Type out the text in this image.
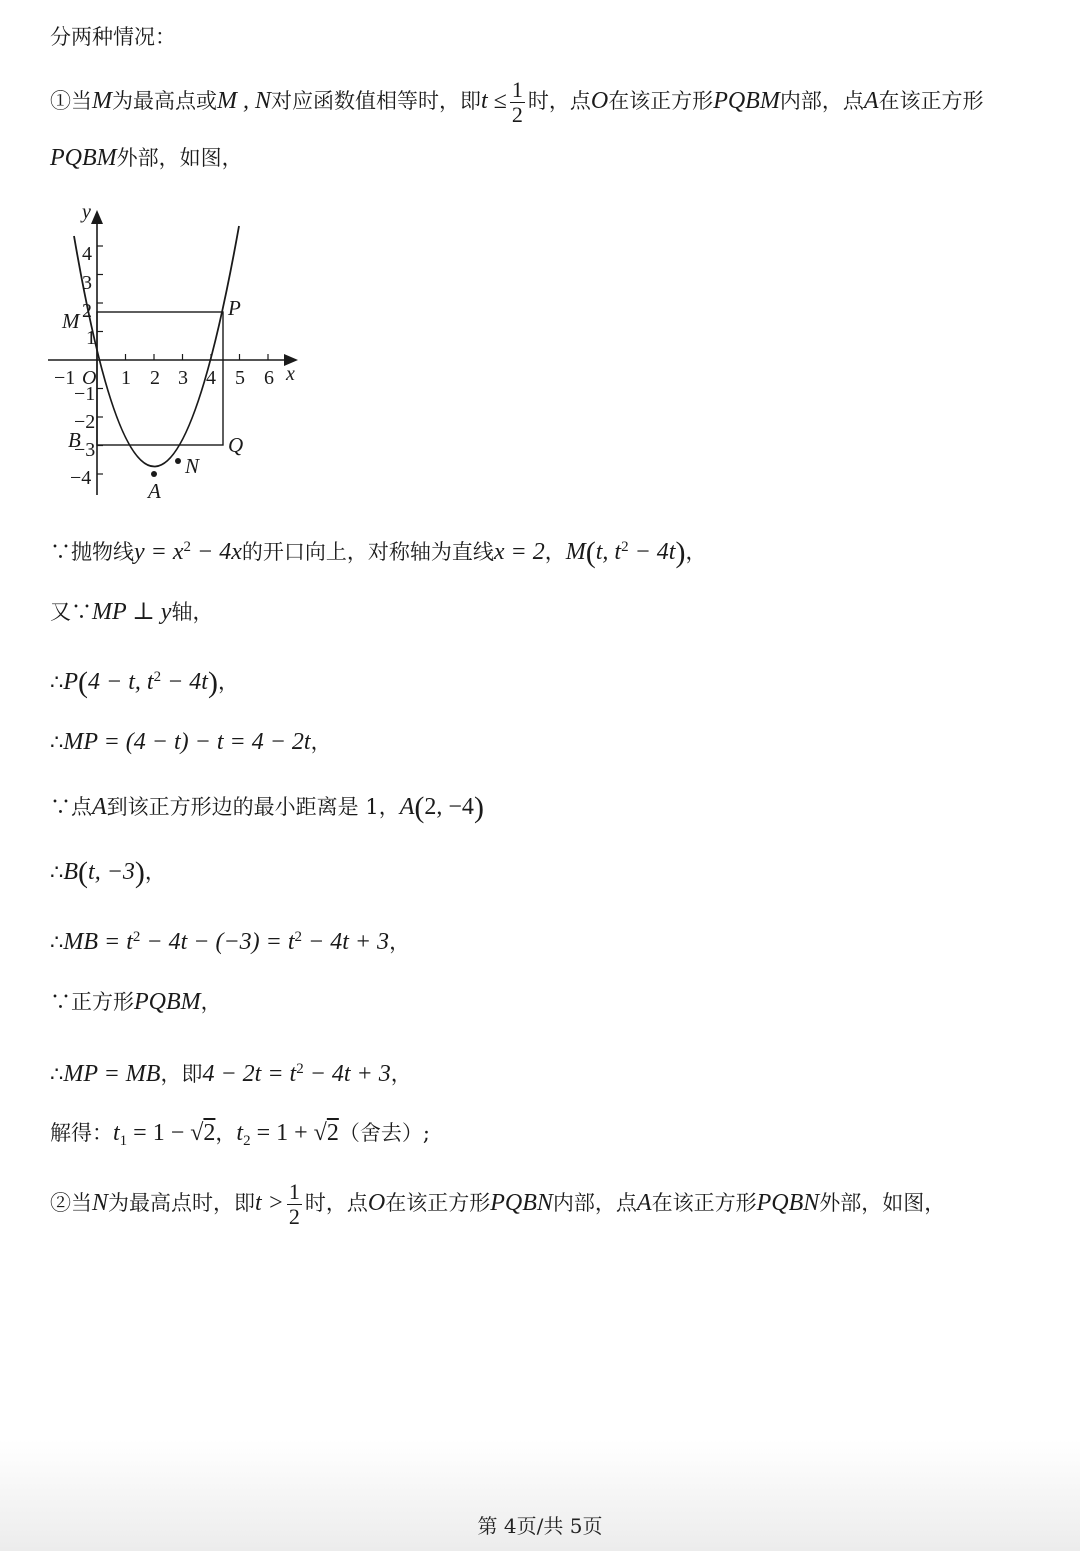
分两种情况：
①当M为最高点或M , N对应函数值相等时，即$t \le \frac{1}{2}$ 时，点O在该正方形PQBM内部，点A在该正方形
PQBM外部，如图，
y
x
4
3
2
1
−1
−2
−3
−4
−1 O 1 2 3 4 5 6
M
P
B	Q
A
N
∵抛物线$y = x^2 - 4x$的开口向上，对称轴为直线x = 2，M(t, $t^2 - 4t$)，
又∵MP ⊥ y轴，
∴P(4 − t, $t^2 - 4t$)，
∴MP = (4 − t) − t = 4 − 2t，
∵点A到该正方形边的最小距离是 1，A(2, −4)
∴B(t, −3)，
∴MB = $t^2 - 4t - (-3) = t^2 - 4t + 3$，
∵正方形PQBM，
∴MP = MB，即$4 - 2t = t^2 - 4t + 3$，
解得：$t_1 = 1 - √2$，$t_2 = 1 + √2$（舍去）;
②当N为最高点时，即$t > \frac{1}{2}$ 时，点O在该正方形PQBN内部，点A在该正方形PQBN外部，如图，
第 4页/共 5页
